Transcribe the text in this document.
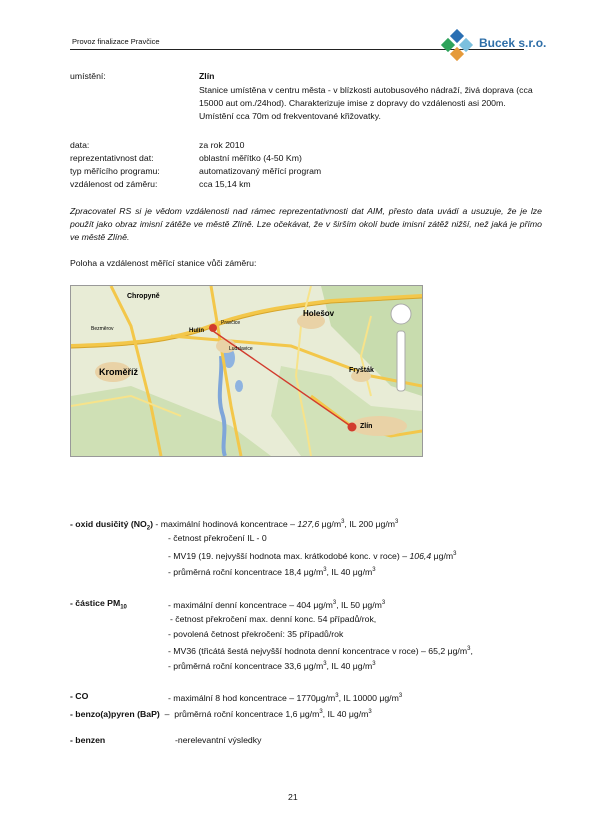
Provoz finalizace Pravčice	Bucek s.r.o.
umístění:	Zlín
Stanice umístěna v centru města - v blízkosti autobusového nádraží, živá doprava (cca 15000 aut om./24hod). Charakterizuje imise z dopravy do vzdálenosti asi 200m. Umístění cca 70m od frekventované křižovatky.
data:	za rok 2010
reprezentativnost dat:	oblastní měřítko (4-50 Km)
typ měřícího programu:	automatizovaný měřící program
vzdálenost od záměru:	cca 15,14 km
Zpracovatel RS si je vědom vzdálenosti nad rámec reprezentativnosti dat AIM, přesto data uvádí a usuzuje, že je lze použít jako obraz imisní zátěže ve městě Zlíně. Lze očekávat, že v širším okolí bude imisní zátěž nižší, než jaká je přímo ve městě Zlíně.
Poloha a vzdálenost měřící stanice vůči záměru:
Chropyně
Holešov
Kroměříž
Hulín
Fryšták
Pravčice
Ludslavice
Bezměrov
Zlín
- oxid dusičitý $(NO_2)$ - maximální hodinová koncentrace – 127,6 $\mu g/m^3$, IL 200 $\mu g/m^3$
- četnost překročení IL - 0
- MV19 (19. nejvyšší hodnota max. krátkodobé konc. v roce) – 106,4 $\mu g/m^3$
- průměrná roční koncentrace 18,4 $\mu g/m^3$, IL 40 $\mu g/m^3$
- částice $PM_{10}$	- maximální denní koncentrace – 404 $\mu g/m^3$, IL 50 $\mu g/m^3$
- četnost překročení max. denní konc. 54 případů/rok,
- povolená četnost překročení: 35 případů/rok
- MV36 (třicátá šestá nejvyšší hodnota denní koncentrace v roce) – 65,2 $\mu g/m^3$,
- průměrná roční koncentrace 33,6 $\mu g/m^3$, IL 40 $\mu g/m^3$
- CO	- maximální 8 hod koncentrace – $1770\mu g/m^3$, IL 10000 $\mu g/m^3$
- benzo(a)pyren (BaP)  –  průměrná roční koncentrace 1,6 $\mu g/m^3$, IL 40 $\mu g/m^3$
- benzen	-nerelevantní výsledky
21
